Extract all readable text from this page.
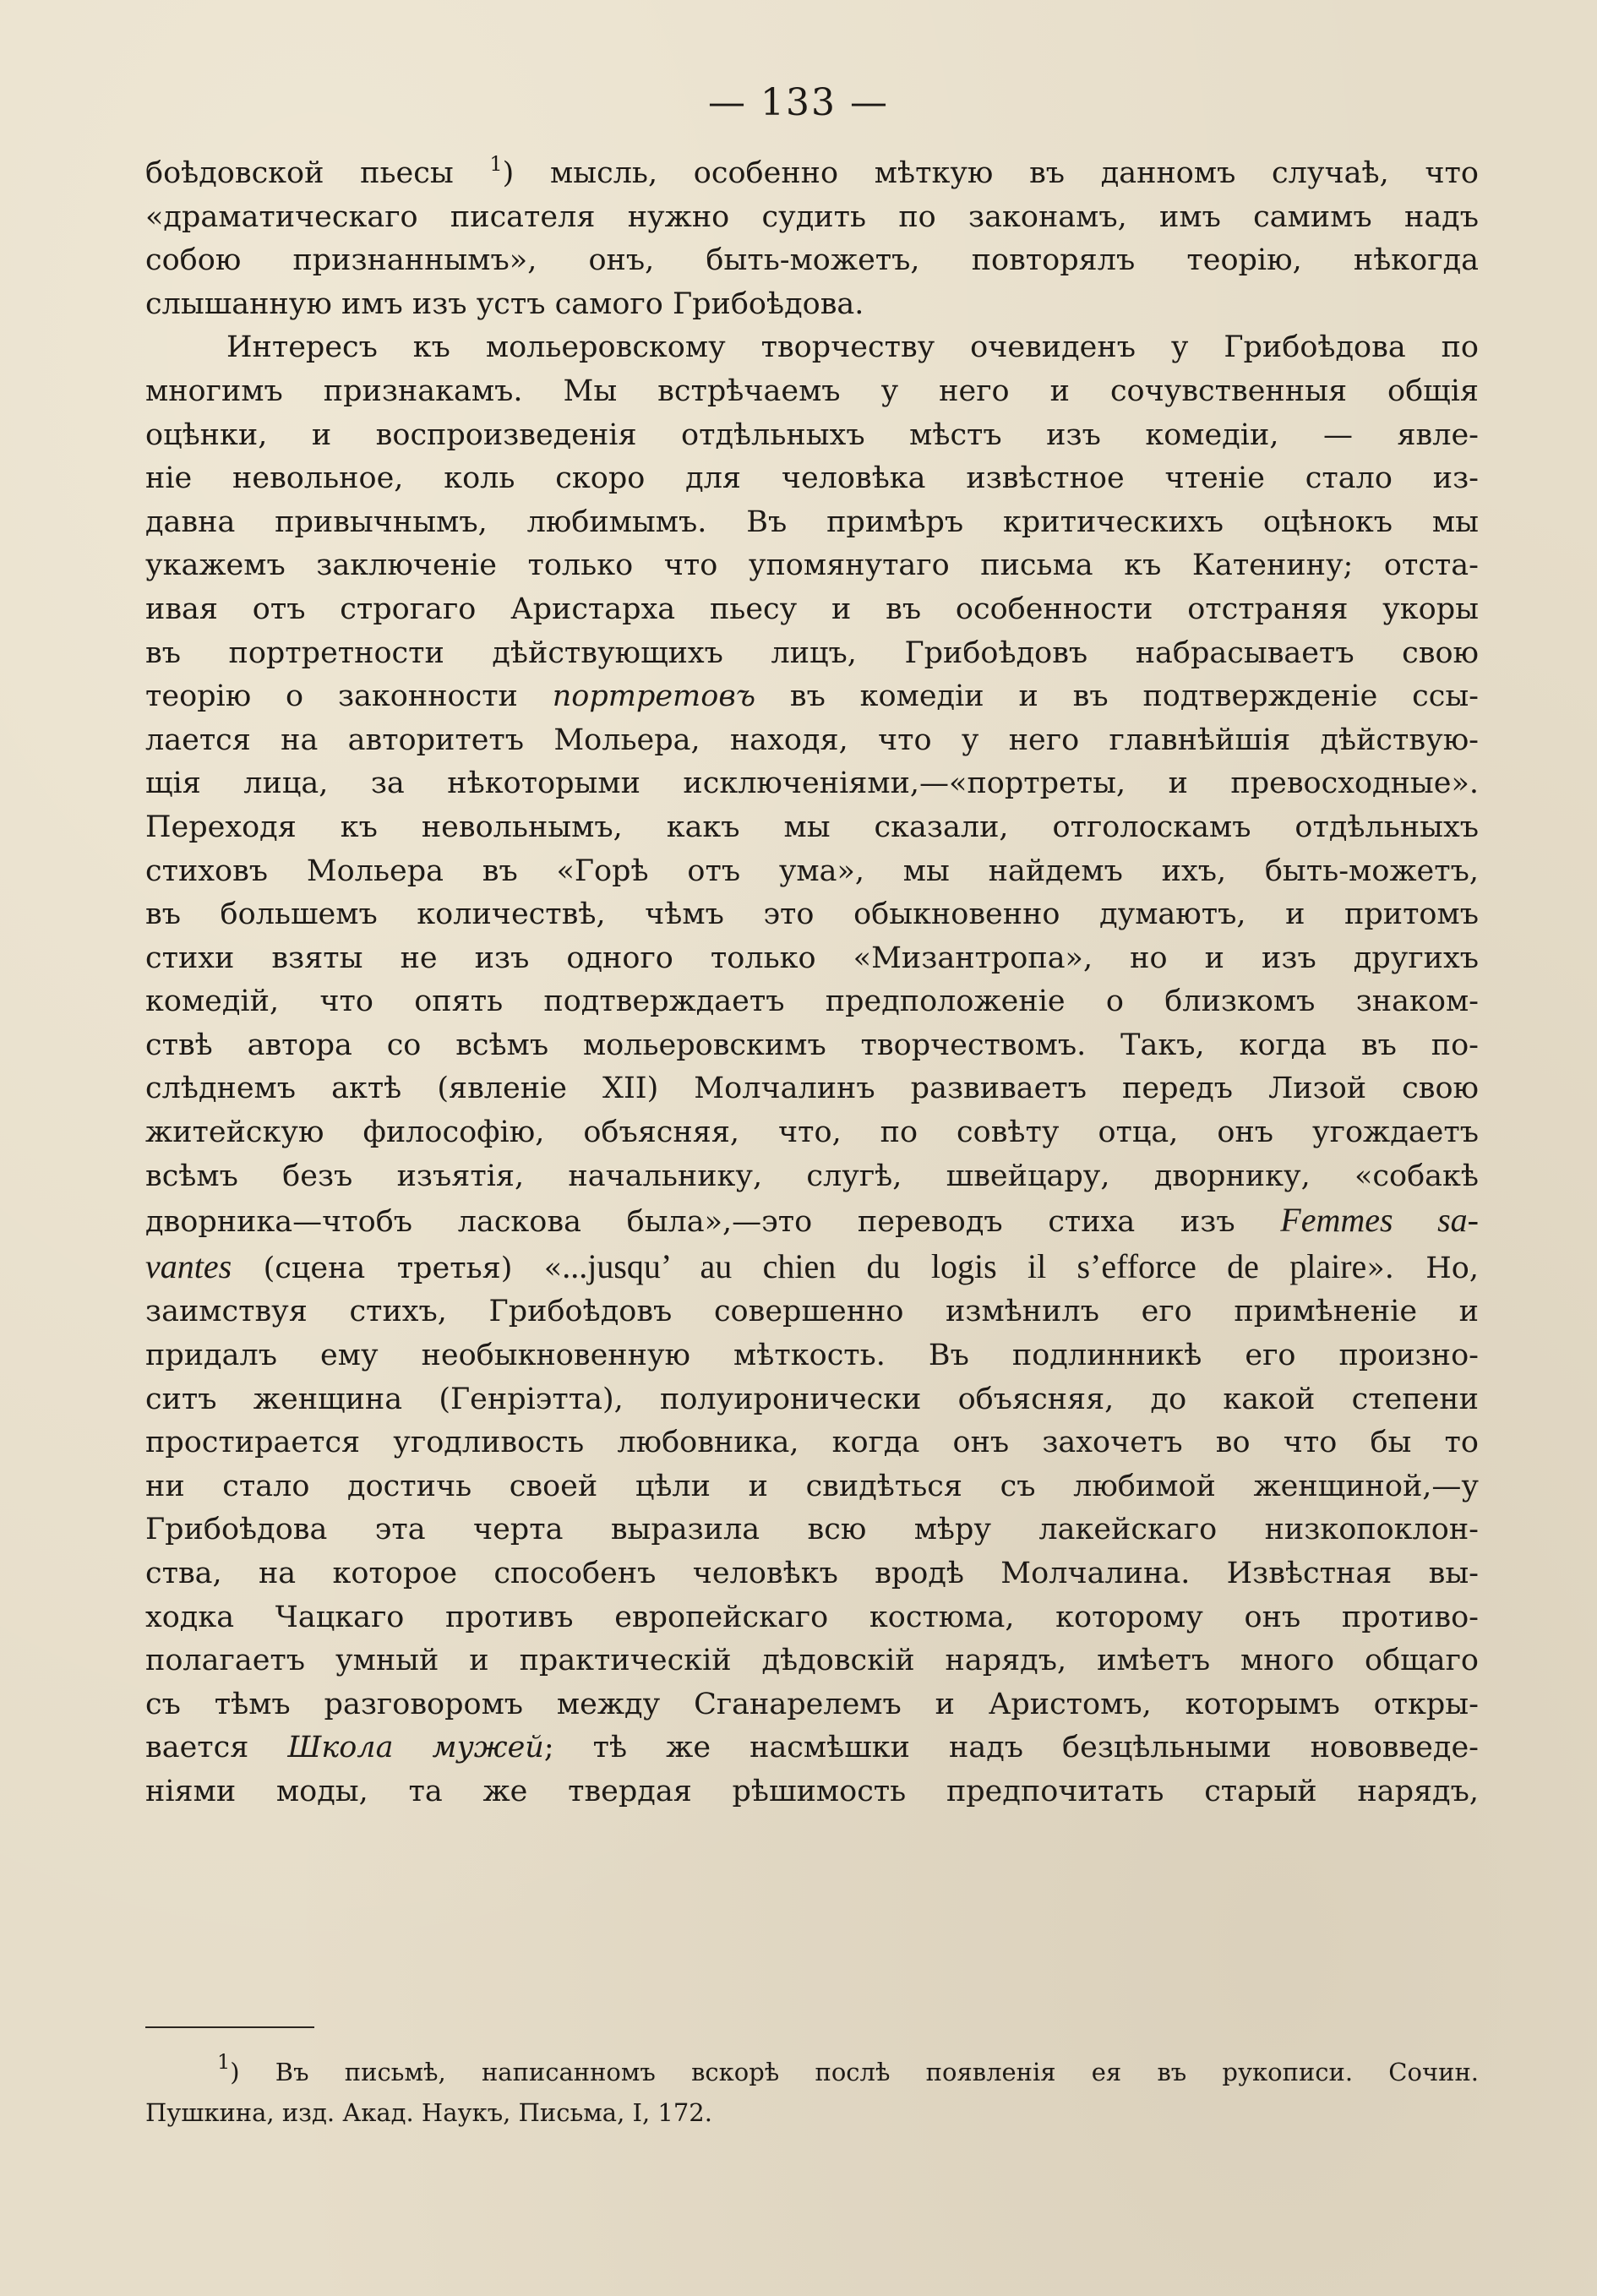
— 133 —

боѣдовской пьесы $^1$) мысль, особенно мѣткую въ данномъ случаѣ, что

«драматическаго писателя нужно судить по законамъ, имъ самимъ надъ

собою признаннымъ», онъ, быть-можетъ, повторялъ теорію, нѣкогда

слышанную имъ изъ устъ самого Грибоѣдова.

Интересъ къ мольеровскому творчеству очевиденъ у Грибоѣдова по

многимъ признакамъ. Мы встрѣчаемъ у него и сочувственныя общія

оцѣнки, и воспроизведенія отдѣльныхъ мѣстъ изъ комедіи, — явле-

ніе невольное, коль скоро для человѣка извѣстное чтеніе стало из-

давна привычнымъ, любимымъ. Въ примѣръ критическихъ оцѣнокъ мы

укажемъ заключеніе только что упомянутаго письма къ Катенину; отста-

ивая отъ строгаго Аристарха пьесу и въ особенности отстраняя укоры

въ портретности дѣйствующихъ лицъ, Грибоѣдовъ набрасываетъ свою

теорію о законности портретовъ въ комедіи и въ подтвержденіе ссы-

лается на авторитетъ Мольера, находя, что у него главнѣйшія дѣйствую-

щія лица, за нѣкоторыми исключеніями,—«портреты, и превосходные».

Переходя къ невольнымъ, какъ мы сказали, отголоскамъ отдѣльныхъ

стиховъ Мольера въ «Горѣ отъ ума», мы найдемъ ихъ, быть-можетъ,

въ большемъ количествѣ, чѣмъ это обыкновенно думаютъ, и притомъ

стихи взяты не изъ одного только «Мизантропа», но и изъ другихъ

комедій, что опять подтверждаетъ предположеніе о близкомъ знаком-

ствѣ автора со всѣмъ мольеровскимъ творчествомъ. Такъ, когда въ по-

слѣднемъ актѣ (явленіе XII) Молчалинъ развиваетъ передъ Лизой свою

житейскую философію, объясняя, что, по совѣту отца, онъ угождаетъ

всѣмъ безъ изъятія, начальнику, слугѣ, швейцару, дворнику, «собакѣ

дворника—чтобъ ласкова была»,—это переводъ стиха изъ Femmes sa-

vantes (сцена третья) «...jusqu’ au chien du logis il s’efforce de plaire». Но,

заимствуя стихъ, Грибоѣдовъ совершенно измѣнилъ его примѣненіе и

придалъ ему необыкновенную мѣткость. Въ подлинникѣ его произно-

ситъ женщина (Генріэтта), полуиронически объясняя, до какой степени

простирается угодливость любовника, когда онъ захочетъ во что бы то

ни стало достичь своей цѣли и свидѣться съ любимой женщиной,—у

Грибоѣдова эта черта выразила всю мѣру лакейскаго низкопоклон-

ства, на которое способенъ человѣкъ вродѣ Молчалина. Извѣстная вы-

ходка Чацкаго противъ европейскаго костюма, которому онъ противо-

полагаетъ умный и практическій дѣдовскій нарядъ, имѣетъ много общаго

съ тѣмъ разговоромъ между Сганарелемъ и Аристомъ, которымъ откры-

вается Школа мужей; тѣ же насмѣшки надъ безцѣльными нововведе-

ніями моды, та же твердая рѣшимость предпочитать старый нарядъ,

$^1$) Въ письмѣ, написанномъ вскорѣ послѣ появленія ея въ рукописи. Сочин.

Пушкина, изд. Акад. Наукъ, Письма, I, 172.
